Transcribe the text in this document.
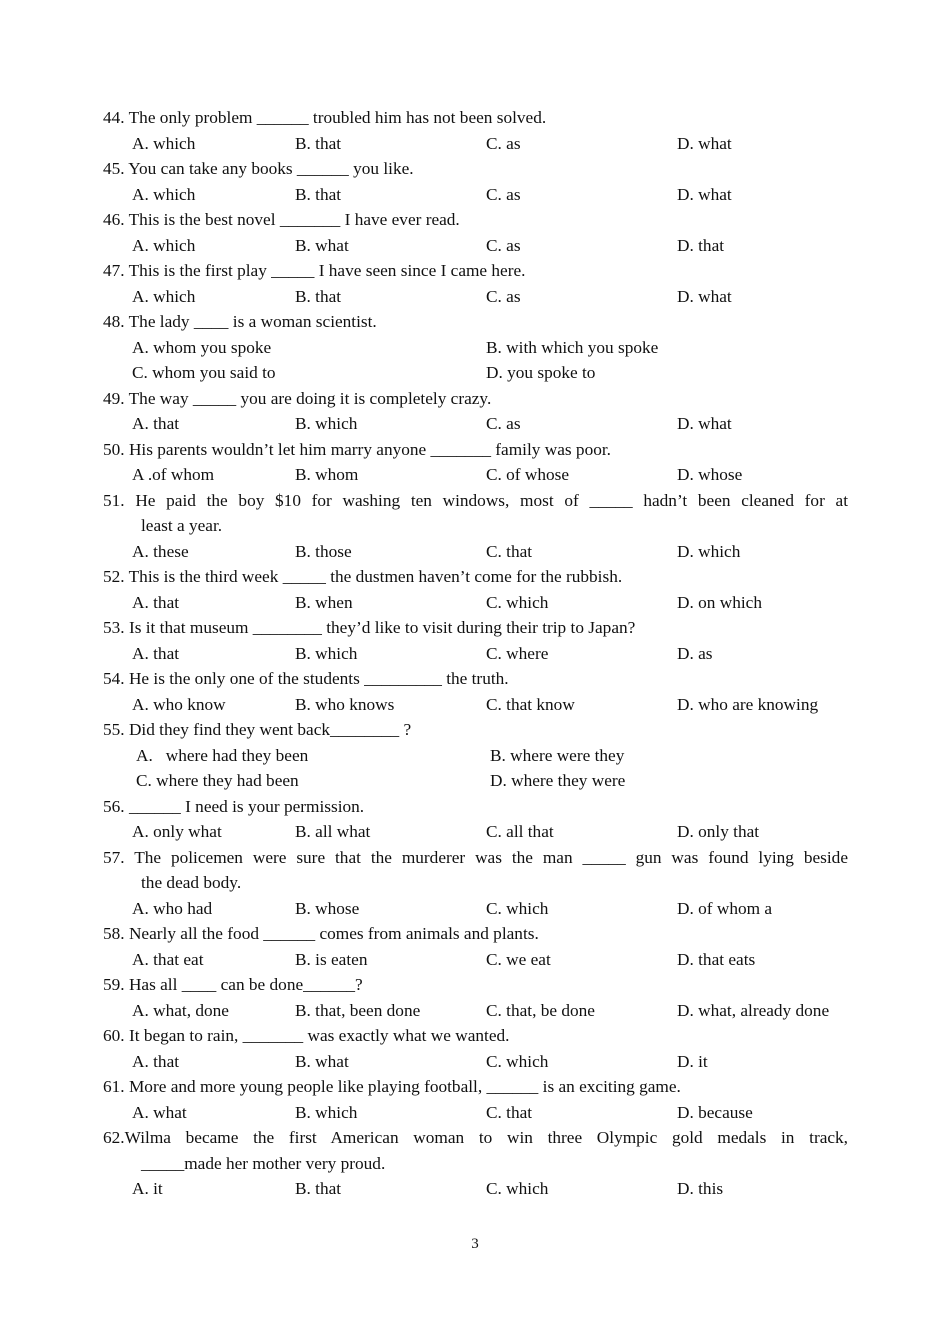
44. The only problem ______ troubled him has not been solved.
A. which	B. that	C. as	D. what
45. You can take any books ______ you like.
A. which	B. that	C. as	D. what
46. This is the best novel _______ I have ever read.
A. which	B. what	C. as	D. that
47. This is the first play _____ I have seen since I came here.
A. which	B. that	C. as	D. what
48. The lady ____ is a woman scientist.
A. whom you spoke	B. with which you spoke
C. whom you said to	D. you spoke to
49. The way _____ you are doing it is completely crazy.
A. that	B. which	C. as	D. what
50. His parents wouldn’t let him marry anyone _______ family was poor.
A .of whom	B. whom	C. of whose	D. whose
51. He paid the boy $10 for washing ten windows, most of _____ hadn’t been cleaned for at
least a year.
A. these	B. those	C. that	D. which
52. This is the third week _____ the dustmen haven’t come for the rubbish.
A. that	B. when	C. which	D. on which
53. Is it that museum ________ they’d like to visit during their trip to Japan?
A. that	B. which	C. where	D. as
54. He is the only one of the students _________ the truth.
A. who know	B. who knows	C. that know	D. who are knowing
55. Did they find they went back________ ?
A.   where had they been	B. where were they
C. where they had been	D. where they were
56. ______ I need is your permission.
A. only what	B. all what	C. all that	D. only that
57. The policemen were sure that the murderer was the man _____ gun was found lying beside
the dead body.
A. who had	B. whose	C. which	D. of whom a
58. Nearly all the food ______ comes from animals and plants.
A. that eat	B. is eaten	C. we eat	D. that eats
59. Has all ____ can be done______?
A. what, done	B. that, been done	C. that, be done	D. what, already done
60. It began to rain, _______ was exactly what we wanted.
A. that	B. what	C. which	D. it
61. More and more young people like playing football, ______ is an exciting game.
A. what	B. which	C. that	D. because
62.Wilma became the first American woman to win three Olympic gold medals in track,
_____made her mother very proud.
A. it	B. that	C. which	D. this
3
